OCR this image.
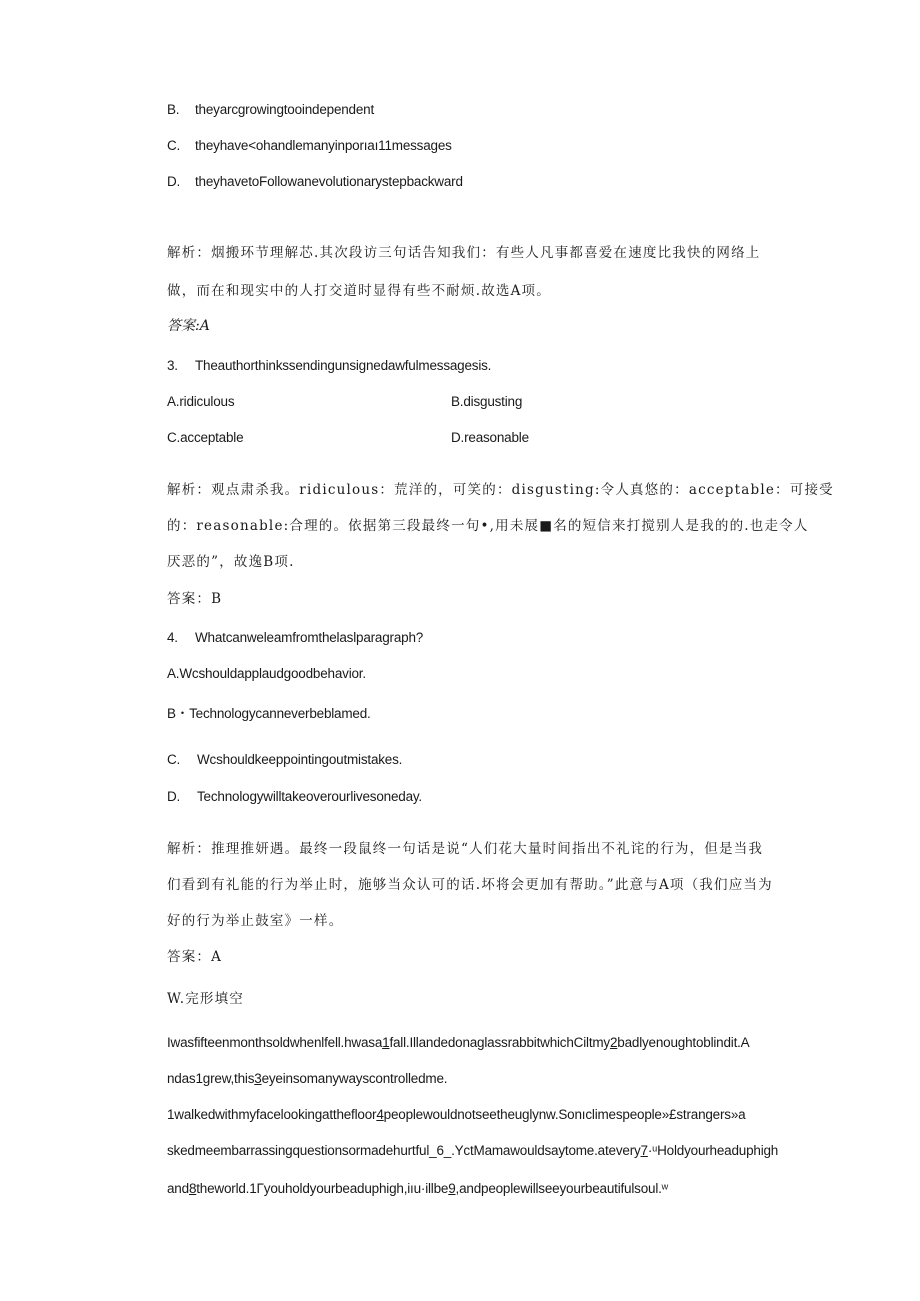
B. theyarcgrowingtooindependent
C. theyhave<ohandlemanyinporıaı11messages
D. theyhavetoFollowanevolutionarystepbackward
解析：烟搬环节理解芯.其次段访三句话告知我们：有些人凡事都喜爱在速度比我快的网络上
做，而在和现实中的人打交道时显得有些不耐烦.故选A项。
答案:A
3. Theauthorthinkssendingunsignedawfulmessagesis.
A.ridiculous	B.disgusting
C.acceptable	D.reasonable
解析：观点肃杀我。ridiculous：荒洋的，可笑的：disgusting:令人真悠的：acceptable：可接受
的：reasonable:合理的。依据第三段最终一句•,用未展■名的短信来打搅别人是我的的.也走令人
厌恶的”，故逸B项.
答案：B
4. Whatcanweleamfromthelaslparagraph?
A.Wcshouldapplaudgoodbehavior.
B・Technologycanneverbeblamed.
C. Wcshouldkeeppointingoutmistakes.
D. Technologywilltakeoverourlivesoneday.
解析：推理推妍遇。最终一段鼠终一句话是说“人们花大量时间指出不礼诧的行为，但是当我
们看到有礼能的行为举止时，施够当众认可的话.坏将会更加有帮助。”此意与A项（我们应当为
好的行为举止鼓室》一样。
答案：A
W.完形填空
Iwasfifteenmonthsoldwhenlfell.hwasa1fall.IllandedonaglassrabbitwhichCiltmy2badlyenoughtoblindit.A
ndas1grew,this3eyeinsomanywayscontrolledme.
1walkedwithmyfacelookingatthefloor4peoplewouldnotseetheuglynw.Sonıclimespeople»£strangers»a
skedmeembarrassingquestionsormadehurtful_6_.YctMamawouldsaytome.atevery7·ᵘHoldyourheaduphigh
and8theworld.1Γyouholdyourbeaduphigh,iıu·illbe9,andpeoplewillseeyourbeautifulsoul.ʷ
